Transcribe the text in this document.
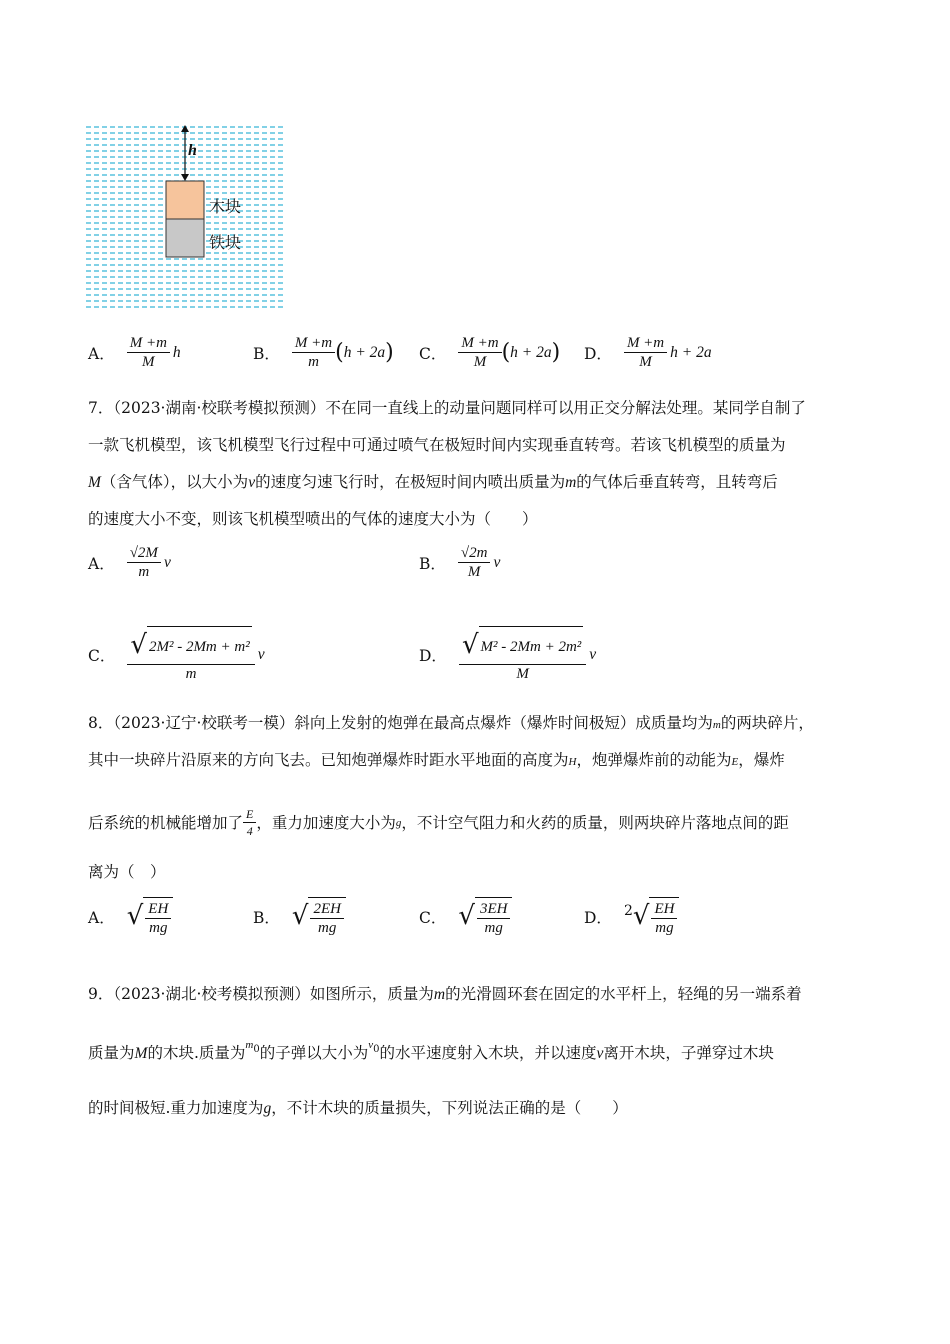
h
木块
铁块
A． $\frac{M +m}{M}$ h	B． $\frac{M +m}{m}$ ( h + 2a ) C． $\frac{M +m}{M}$ ( h + 2a ) D． $\frac{M +m}{M}$ h + 2a
7．（2023·湖南·校联考模拟预测）不在同一直线上的动量问题同样可以用正交分解法处理。某同学自制了
一款飞机模型，该飞机模型飞行过程中可通过喷气在极短时间内实现垂直转弯。若该飞机模型的质量为
M（含气体），以大小为v的速度匀速飞行时，在极短时间内喷出质量为m的气体后垂直转弯，且转弯后
的速度大小不变，则该飞机模型喷出的气体的速度大小为（　　）
A． $\frac{√2M}{m}$ v	B． $\frac{√2m}{M}$ v
C． $\frac{\text{√ 2M² - 2Mm + m²}}{m}$ v	D． $\frac{\text{√ M² - 2Mm + 2m²}}{M}$ v
8．（2023·辽宁·校联考一模）斜向上发射的炮弹在最高点爆炸（爆炸时间极短）成质量均为m的两块碎片，
其中一块碎片沿原来的方向飞去。已知炮弹爆炸时距水平地面的高度为H，炮弹爆炸前的动能为E，爆炸
后系统的机械能增加了 $\frac{E}{4}$ ，重力加速度大小为 g ，不计空气阻力和火药的质量，则两块碎片落地点间的距
离为（　）
A． √ $\frac{EH}{mg}$	B． √ $\frac{2EH}{mg}$	C． √ $\frac{3EH}{mg}$	D． 2 √ $\frac{EH}{mg}$
9．（2023·湖北·校考模拟预测）如图所示，质量为m的光滑圆环套在固定的水平杆上，轻绳的另一端系着
质量为M的木块.质量为$m_0$的子弹以大小为$v_0$的水平速度射入木块，并以速度v离开木块，子弹穿过木块
的时间极短.重力加速度为g，不计木块的质量损失，下列说法正确的是（　　）
